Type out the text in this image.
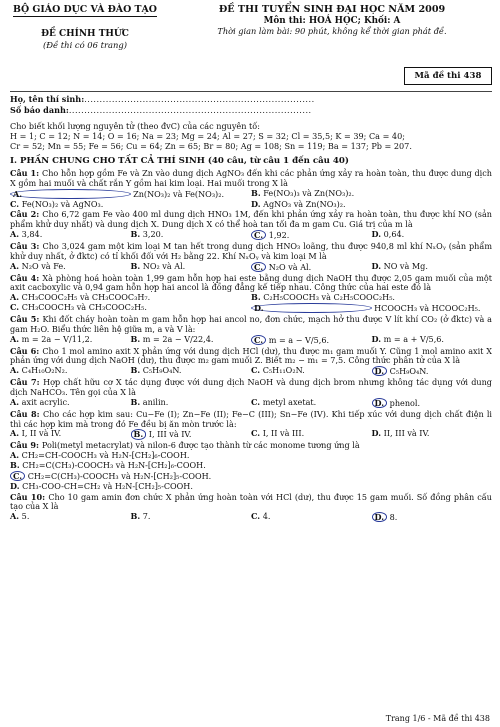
BỘ GIÁO DỤC VÀ ĐÀO TẠO
ĐỀ CHÍNH THỨC
(Đề thi có 06 trang)
ĐỀ THI TUYỂN SINH ĐẠI HỌC NĂM 2009
Môn thi: HOÁ HỌC; Khối: A
Thời gian làm bài: 90 phút, không kể thời gian phát đề.
Mã đề thi 438
Họ, tên thí sinh:...........................................................................
Số báo danh:...............................................................................
Cho biết khối lượng nguyên tử (theo đvC) của các nguyên tố:
H = 1; C = 12; N = 14; O = 16; Na = 23; Mg = 24; Al = 27; S = 32; Cl = 35,5; K = 39; Ca = 40;
Cr = 52; Mn = 55; Fe = 56; Cu = 64; Zn = 65; Br = 80; Ag = 108; Sn = 119; Ba = 137; Pb = 207.
I. PHẦN CHUNG CHO TẤT CẢ THÍ SINH (40 câu, từ câu 1 đến câu 40)
Câu 1: Cho hỗn hợp gồm Fe và Zn vào dung dịch AgNO₃ đến khi các phản ứng xảy ra hoàn toàn, thu được dung dịch X gồm hai muối và chất rắn Y gồm hai kim loại. Hai muối trong X là
A.	Zn(NO₃)₂ và Fe(NO₃)₂.	B. Fe(NO₃)₃ và Zn(NO₃)₂.
C. Fe(NO₃)₂ và AgNO₃.	D. AgNO₃ và Zn(NO₃)₂.
Câu 2: Cho 6,72 gam Fe vào 400 ml dung dịch HNO₃ 1M, đến khi phản ứng xảy ra hoàn toàn, thu được khí NO (sản phẩm khử duy nhất) và dung dịch X. Dung dịch X có thể hoà tan tối đa m gam Cu. Giá trị của m là
A. 3,84.	B. 3,20.	C. 1,92.	D. 0,64.
Câu 3: Cho 3,024 gam một kim loại M tan hết trong dung dịch HNO₃ loãng, thu được 940,8 ml khí NₓOᵧ (sản phẩm khử duy nhất, ở đktc) có tỉ khối đối với H₂ bằng 22. Khí NₓOᵧ và kim loại M là
A. N₂O và Fe.	B. NO₂ và Al.	C. N₂O và Al.	D. NO và Mg.
Câu 4: Xà phòng hoá hoàn toàn 1,99 gam hỗn hợp hai este bằng dung dịch NaOH thu được 2,05 gam muối của một axit cacboxylic và 0,94 gam hỗn hợp hai ancol là đồng đẳng kế tiếp nhau. Công thức của hai este đó là
A. CH₃COOC₂H₅ và CH₃COOC₃H₇.	B. C₂H₅COOCH₃ và C₂H₅COOC₂H₅.
C. CH₃COOCH₃ và CH₃COOC₂H₅.	D.	HCOOCH₃ và HCOOC₂H₅.
Câu 5: Khi đốt cháy hoàn toàn m gam hỗn hợp hai ancol no, đơn chức, mạch hở thu được V lít khí CO₂ (ở đktc) và a gam H₂O. Biểu thức liên hệ giữa m, a và V là:
A. m = 2a − V/11,2.	B. m = 2a − V/22,4.	C. m = a − V/5,6.	D. m = a + V/5,6.
Câu 6: Cho 1 mol amino axit X phản ứng với dung dịch HCl (dư), thu được m₁ gam muối Y. Cũng 1 mol amino axit X phản ứng với dung dịch NaOH (dư), thu được m₂ gam muối Z. Biết m₂ − m₁ = 7,5. Công thức phân tử của X là
A. C₄H₁₀O₂N₂.	B. C₅H₉O₄N.	C. C₅H₁₁O₂N.	D. C₅H₉O₄N.
Câu 7: Hợp chất hữu cơ X tác dụng được với dung dịch NaOH và dung dịch brom nhưng không tác dụng với dung dịch NaHCO₃. Tên gọi của X là
A. axit acrylic.	B. anilin.	C. metyl axetat.	D. phenol.
Câu 8: Cho các hợp kim sau: Cu−Fe (I); Zn−Fe (II); Fe−C (III); Sn−Fe (IV). Khi tiếp xúc với dung dịch chất điện li thì các hợp kim mà trong đó Fe đều bị ăn mòn trước là:
A. I, II và IV.	B. I, III và IV.	C. I, II và III.	D. II, III và IV.
Câu 9: Poli(metyl metacrylat) và nilon-6 được tạo thành từ các monome tương ứng là
A. CH₂=CH-COOCH₃ và H₂N-[CH₂]₆-COOH.
B. CH₂=C(CH₃)-COOCH₃ và H₂N-[CH₂]₆-COOH.
C. CH₂=C(CH₃)-COOCH₃ và H₂N-[CH₂]₅-COOH.
D. CH₃-COO-CH=CH₂ và H₂N-[CH₂]₅-COOH.
Câu 10: Cho 10 gam amin đơn chức X phản ứng hoàn toàn với HCl (dư), thu được 15 gam muối. Số đồng phân cấu tạo của X là
A. 5.	B. 7.	C. 4.	D. 8.
Trang 1/6 - Mã đề thi 438
